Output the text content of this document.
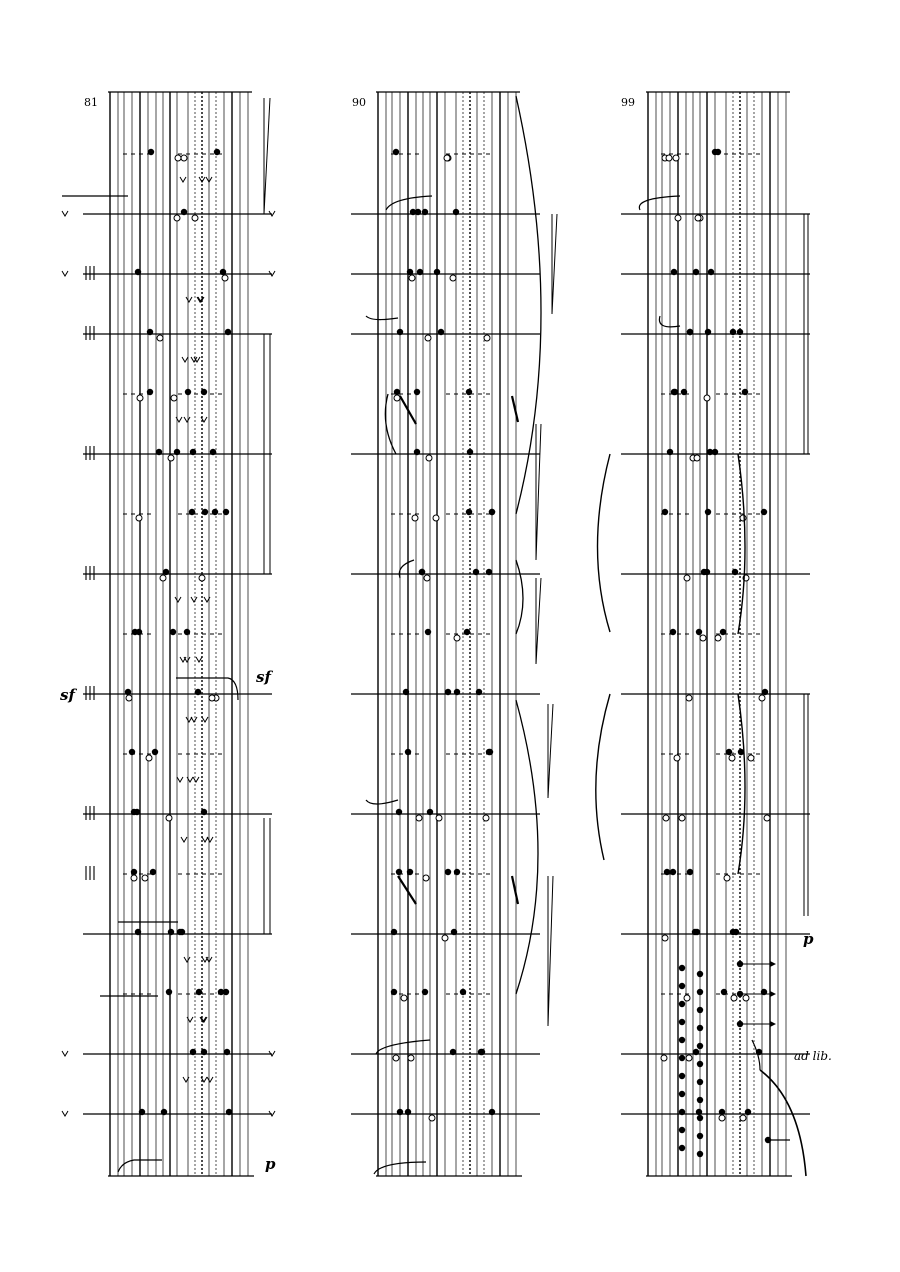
81	90	99
sf
sf
p
p
ad lib.
